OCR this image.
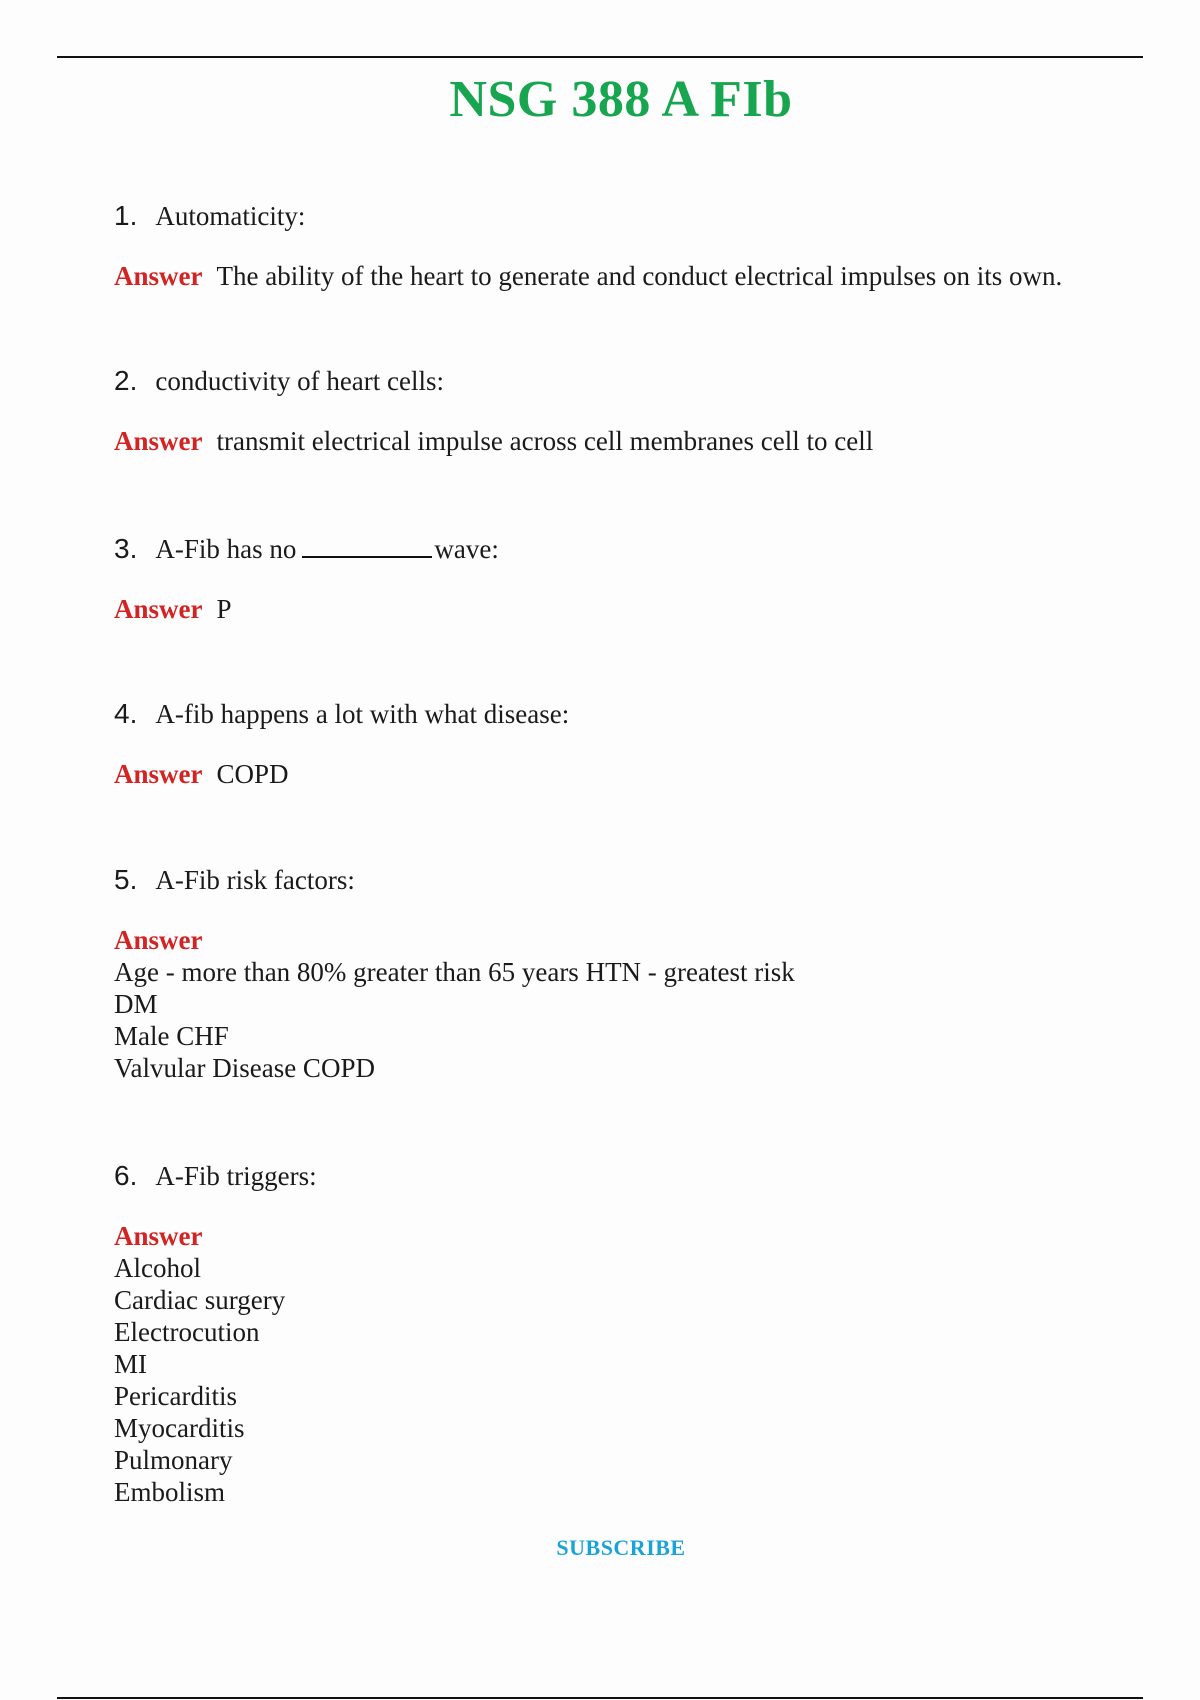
NSG 388 A FIb
1. Automaticity:
Answer The ability of the heart to generate and conduct electrical impulses on its own.
2. conductivity of heart cells:
Answer transmit electrical impulse across cell membranes cell to cell
3. A-Fib has no	wave:
Answer P
4. A-fib happens a lot with what disease:
Answer COPD
5. A-Fib risk factors:
Answer
Age - more than 80% greater than 65 years HTN - greatest risk
DM
Male CHF
Valvular Disease COPD
6. A-Fib triggers:
Answer
Alcohol
Cardiac surgery
Electrocution
MI
Pericarditis
Myocarditis
Pulmonary
Embolism
SUBSCRIBE
